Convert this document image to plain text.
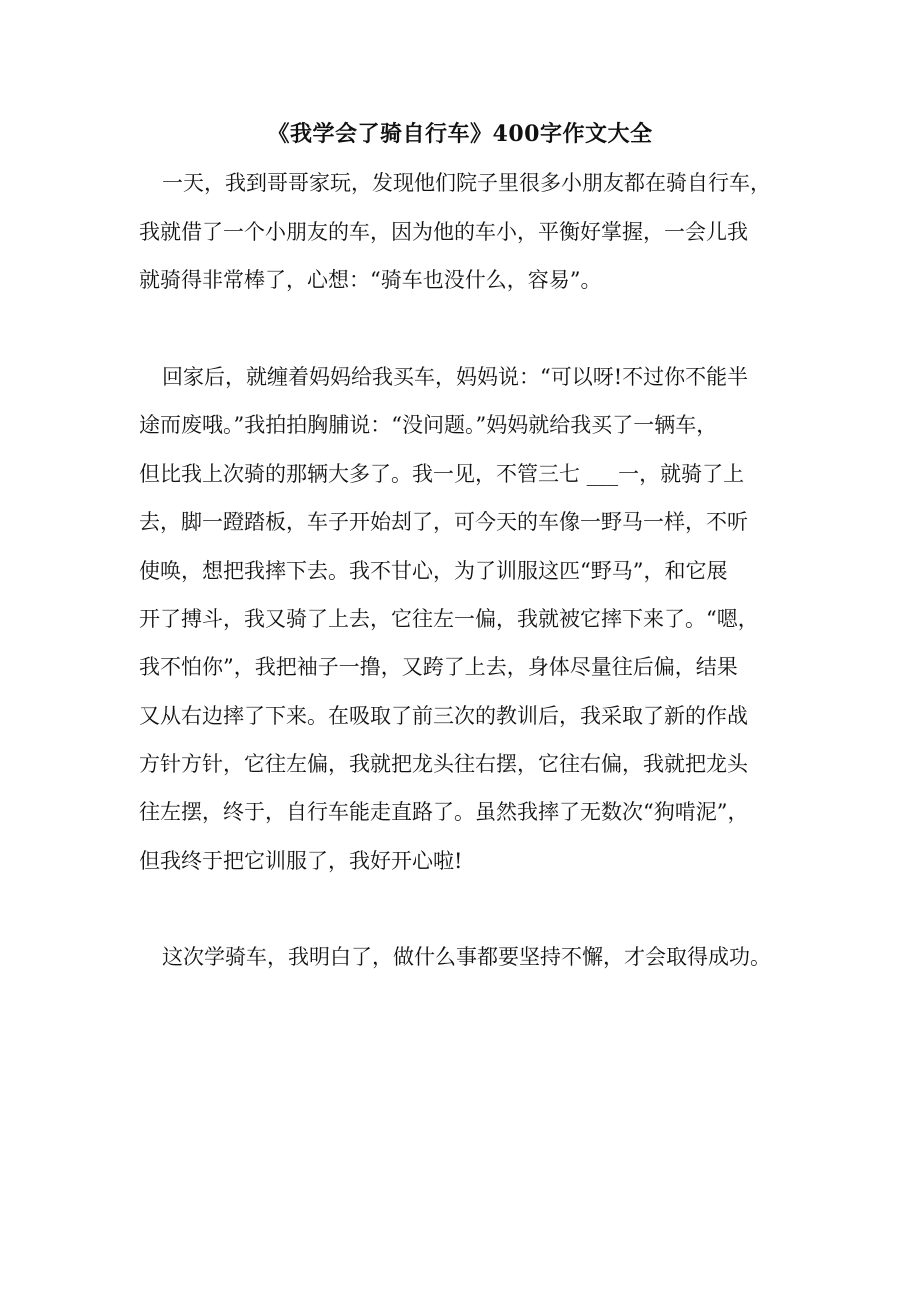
《我学会了骑自行车》400字作文大全
一天，我到哥哥家玩，发现他们院子里很多小朋友都在骑自行车，
我就借了一个小朋友的车，因为他的车小，平衡好掌握，一会儿我
就骑得非常棒了，心想：“骑车也没什么，容易”。
回家后，就缠着妈妈给我买车，妈妈说：“可以呀!不过你不能半
途而废哦。”我拍拍胸脯说：“没问题。”妈妈就给我买了一辆车，
但比我上次骑的那辆大多了。我一见，不管三七 ___一，就骑了上
去，脚一蹬踏板，车子开始刦了，可今天的车像一野马一样，不听
使唤，想把我摔下去。我不甘心，为了训服这匹“野马”，和它展
开了搏斗，我又骑了上去，它往左一偏，我就被它摔下来了。“嗯，
我不怕你”，我把袖子一撸，又跨了上去，身体尽量往后偏，结果
又从右边摔了下来。在吸取了前三次的教训后，我采取了新的作战
方针方针，它往左偏，我就把龙头往右摆，它往右偏，我就把龙头
往左摆，终于，自行车能走直路了。虽然我摔了无数次“狗啃泥”，
但我终于把它训服了，我好开心啦!
这次学骑车，我明白了，做什么事都要坚持不懈，才会取得成功。
